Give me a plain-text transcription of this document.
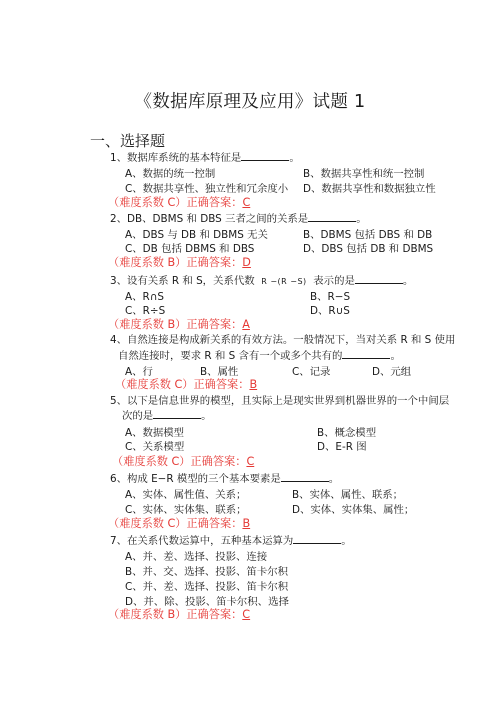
《数据库原理及应用》试题 1
一、选择题
1、数据库系统的基本特征是	。
A、数据的统一控制	B、数据共享性和统一控制
C、数据共享性、独立性和冗余度小 D、数据共享性和数据独立性
（难度系数 C）正确答案：C
2、DB、DBMS 和 DBS 三者之间的关系是	。
A、DBS 与 DB 和 DBMS 无关	B、DBMS 包括 DBS 和 DB
C、DB 包括 DBMS 和 DBS	D、DBS 包括 DB 和 DBMS
（难度系数 B）正确答案：D
3、设有关系 R 和 S，关系代数 R −(R −S) 表示的是	。
A、R∩S	B、R−S
C、R÷S	D、R∪S
（难度系数 B）正确答案：A
4、自然连接是构成新关系的有效方法。一般情况下，当对关系 R 和 S 使用
自然连接时，要求 R 和 S 含有一个或多个共有的	。
A、行	B、属性	C、记录	D、元组
（难度系数 C）正确答案：B
5、以下是信息世界的模型，且实际上是现实世界到机器世界的一个中间层
次的是	。
A、数据模型	B、概念模型
C、关系模型	D、E-R 图
（难度系数 C）正确答案：C
6、构成 E−R 模型的三个基本要素是	。
A、实体、属性值、关系；	B、实体、属性、联系；
C、实体、实体集、联系；	D、实体、实体集、属性；
（难度系数 C）正确答案：B
7、在关系代数运算中，五种基本运算为	。
A、并、差、选择、投影、连接
B、并、交、选择、投影、笛卡尔积
C、并、差、选择、投影、笛卡尔积
D、并、除、投影、笛卡尔积、选择
（难度系数 B）正确答案：C
